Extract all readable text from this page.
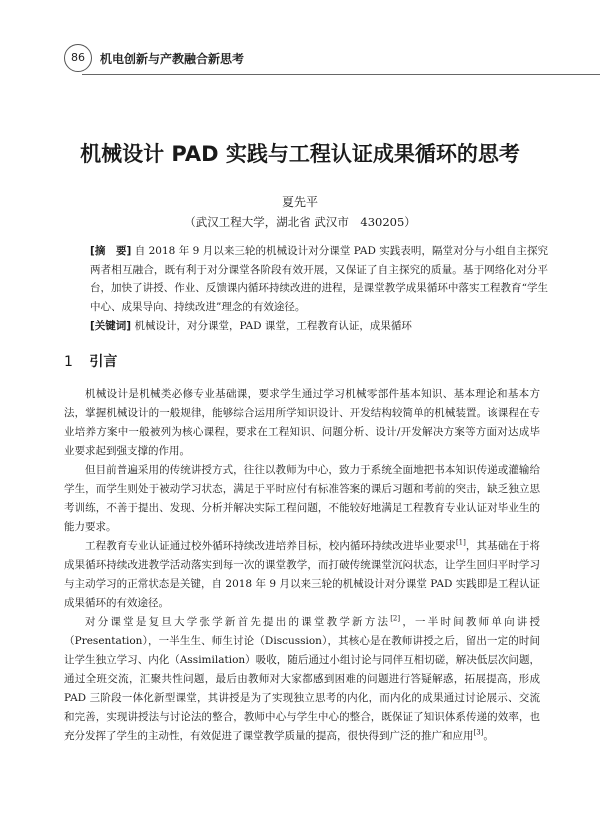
86	机电创新与产教融合新思考
机械设计 PAD 实践与工程认证成果循环的思考
夏先平
（武汉工程大学，湖北省 武汉市　430205）
[摘　要] 自 2018 年 9 月以来三轮的机械设计对分课堂 PAD 实践表明，隔堂对分与小组自主探究两者相互融合，既有利于对分课堂各阶段有效开展，又保证了自主探究的质量。基于网络化对分平台，加快了讲授、作业、反馈课内循环持续改进的进程，是课堂教学成果循环中落实工程教育“学生中心、成果导向、持续改进”理念的有效途径。
[关键词] 机械设计，对分课堂，PAD 课堂，工程教育认证，成果循环
1 引言

机械设计是机械类必修专业基础课，要求学生通过学习机械零部件基本知识、基本理论和基本方法，掌握机械设计的一般规律，能够综合运用所学知识设计、开发结构较简单的机械装置。该课程在专业培养方案中一般被列为核心课程，要求在工程知识、问题分析、设计/开发解决方案等方面对达成毕业要求起到强支撑的作用。

但目前普遍采用的传统讲授方式，往往以教师为中心，致力于系统全面地把书本知识传递或灌输给学生，而学生则处于被动学习状态，满足于平时应付有标准答案的课后习题和考前的突击，缺乏独立思考训练，不善于提出、发现、分析并解决实际工程问题，不能较好地满足工程教育专业认证对毕业生的能力要求。

工程教育专业认证通过校外循环持续改进培养目标，校内循环持续改进毕业要求[1]，其基础在于将成果循环持续改进教学活动落实到每一次的课堂教学，而打破传统课堂沉闷状态，让学生回归平时学习与主动学习的正常状态是关键，自 2018 年 9 月以来三轮的机械设计对分课堂 PAD 实践即是工程认证成果循环的有效途径。

对分课堂是复旦大学张学新首先提出的课堂教学新方法[2]，一半时间教师单向讲授（Presentation），一半生生、师生讨论（Discussion），其核心是在教师讲授之后，留出一定的时间让学生独立学习、内化（Assimilation）吸收，随后通过小组讨论与同伴互相切磋，解决低层次问题，通过全班交流，汇聚共性问题，最后由教师对大家都感到困难的问题进行答疑解惑，拓展提高，形成 PAD 三阶段一体化新型课堂，其讲授是为了实现独立思考的内化，而内化的成果通过讨论展示、交流和完善，实现讲授法与讨论法的整合，教师中心与学生中心的整合，既保证了知识体系传递的效率，也充分发挥了学生的主动性，有效促进了课堂教学质量的提高，很快得到广泛的推广和应用[3]。
